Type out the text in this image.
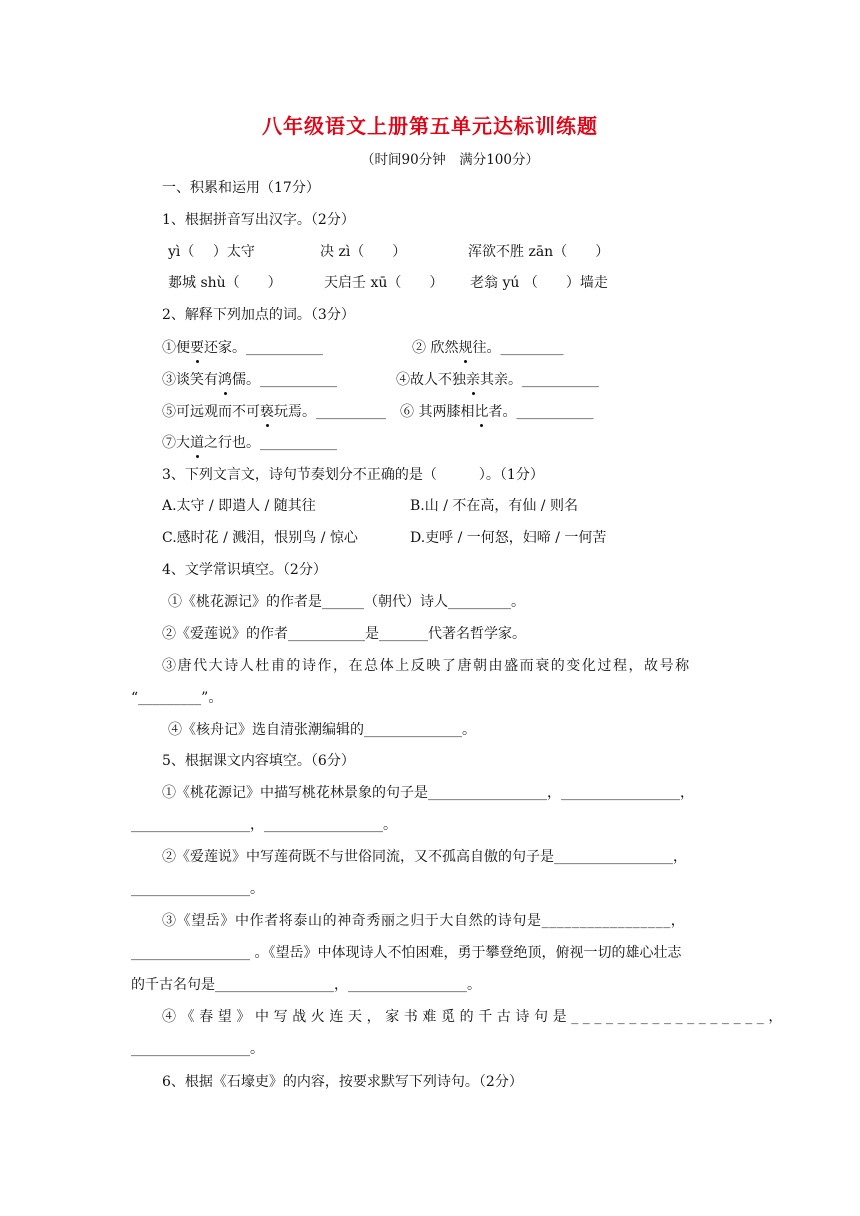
八年级语文上册第五单元达标训练题
（时间90分钟　满分100分）
一、积累和运用（17分）
1、根据拼音写出汉字。（2分）
yì（　 ）太守	决 zì（　　）	浑欲不胜 zān（　　）
郪城 shù（　　）	天启壬 xū（　　） 老翁 yú （　　）墙走
2、解释下列加点的词。（3分）
①便要还家。___________	② 欣然规往。_________
③谈笑有鸿儒。___________	④故人不独亲其亲。___________
⑤可远观而不可亵玩焉。__________ ⑥ 其两膝相比者。___________
⑦大道之行也。___________
3、下列文言文，诗句节奏划分不正确的是（　　　）。（1分）
A.太守 / 即遣人 / 随其往	B.山 / 不在高，有仙 / 则名
C.感时花 / 溅泪，恨别鸟 / 惊心	D.吏呼 / 一何怒，妇啼 / 一何苦
4、文学常识填空。（2分）
①《桃花源记》的作者是______（朝代）诗人_________。
②《爱莲说》的作者___________是_______代著名哲学家。
③唐代大诗人杜甫的诗作，在总体上反映了唐朝由盛而衰的变化过程，故号称
“_________”。
④《核舟记》选自清张潮编辑的______________。
5、根据课文内容填空。（6分）
①《桃花源记》中描写桃花林景象的句子是_________________，_________________，
_________________，_________________。
②《爱莲说》中写莲荷既不与世俗同流，又不孤高自傲的句子是_________________，
_________________。
③《望岳》中作者将泰山的神奇秀丽之归于大自然的诗句是_________________，
_________________ 。《望岳》中体现诗人不怕困难，勇于攀登绝顶，俯视一切的雄心壮志
的千古名句是_________________，_________________。
④《春望》中写战火连天，家书难觅的千古诗句是_________________，
_________________。
6、根据《石壕吏》的内容，按要求默写下列诗句。（2分）
